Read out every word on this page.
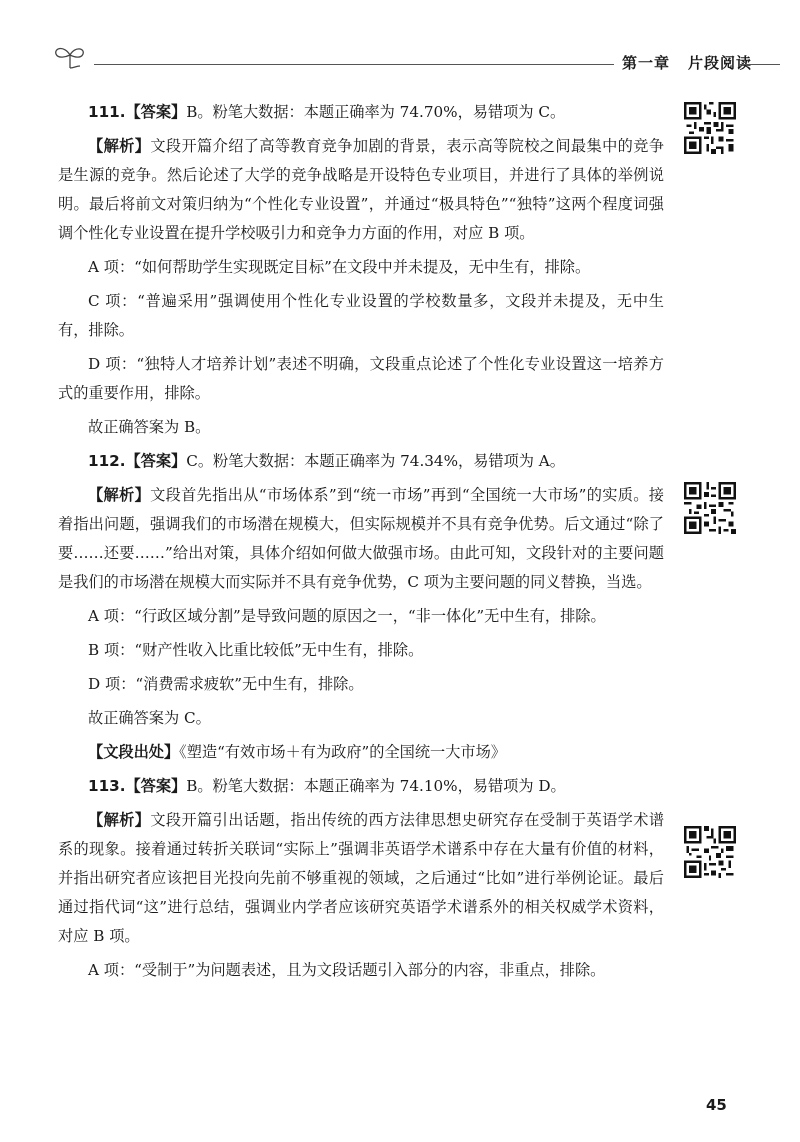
第一章 片段阅读

111.【答案】B。粉笔大数据：本题正确率为 74.70%，易错项为 C。

【解析】文段开篇介绍了高等教育竞争加剧的背景，表示高等院校之间最集中的竞争是生源的竞争。然后论述了大学的竞争战略是开设特色专业项目，并进行了具体的举例说明。最后将前文对策归纳为“个性化专业设置”，并通过“极具特色”“独特”这两个程度词强调个性化专业设置在提升学校吸引力和竞争力方面的作用，对应 B 项。

A 项：“如何帮助学生实现既定目标”在文段中并未提及，无中生有，排除。

C 项：“普遍采用”强调使用个性化专业设置的学校数量多，文段并未提及，无中生有，排除。

D 项：“独特人才培养计划”表述不明确，文段重点论述了个性化专业设置这一培养方式的重要作用，排除。

故正确答案为 B。

112.【答案】C。粉笔大数据：本题正确率为 74.34%，易错项为 A。

【解析】文段首先指出从“市场体系”到“统一市场”再到“全国统一大市场”的实质。接着指出问题，强调我们的市场潜在规模大，但实际规模并不具有竞争优势。后文通过“除了要……还要……”给出对策，具体介绍如何做大做强市场。由此可知，文段针对的主要问题是我们的市场潜在规模大而实际并不具有竞争优势，C 项为主要问题的同义替换，当选。

A 项：“行政区域分割”是导致问题的原因之一，“非一体化”无中生有，排除。

B 项：“财产性收入比重比较低”无中生有，排除。

D 项：“消费需求疲软”无中生有，排除。

故正确答案为 C。

【文段出处】《塑造“有效市场＋有为政府”的全国统一大市场》

113.【答案】B。粉笔大数据：本题正确率为 74.10%，易错项为 D。

【解析】文段开篇引出话题，指出传统的西方法律思想史研究存在受制于英语学术谱系的现象。接着通过转折关联词“实际上”强调非英语学术谱系中存在大量有价值的材料，并指出研究者应该把目光投向先前不够重视的领域，之后通过“比如”进行举例论证。最后通过指代词“这”进行总结，强调业内学者应该研究英语学术谱系外的相关权威学术资料，对应 B 项。

A 项：“受制于”为问题表述，且为文段话题引入部分的内容，非重点，排除。

45
